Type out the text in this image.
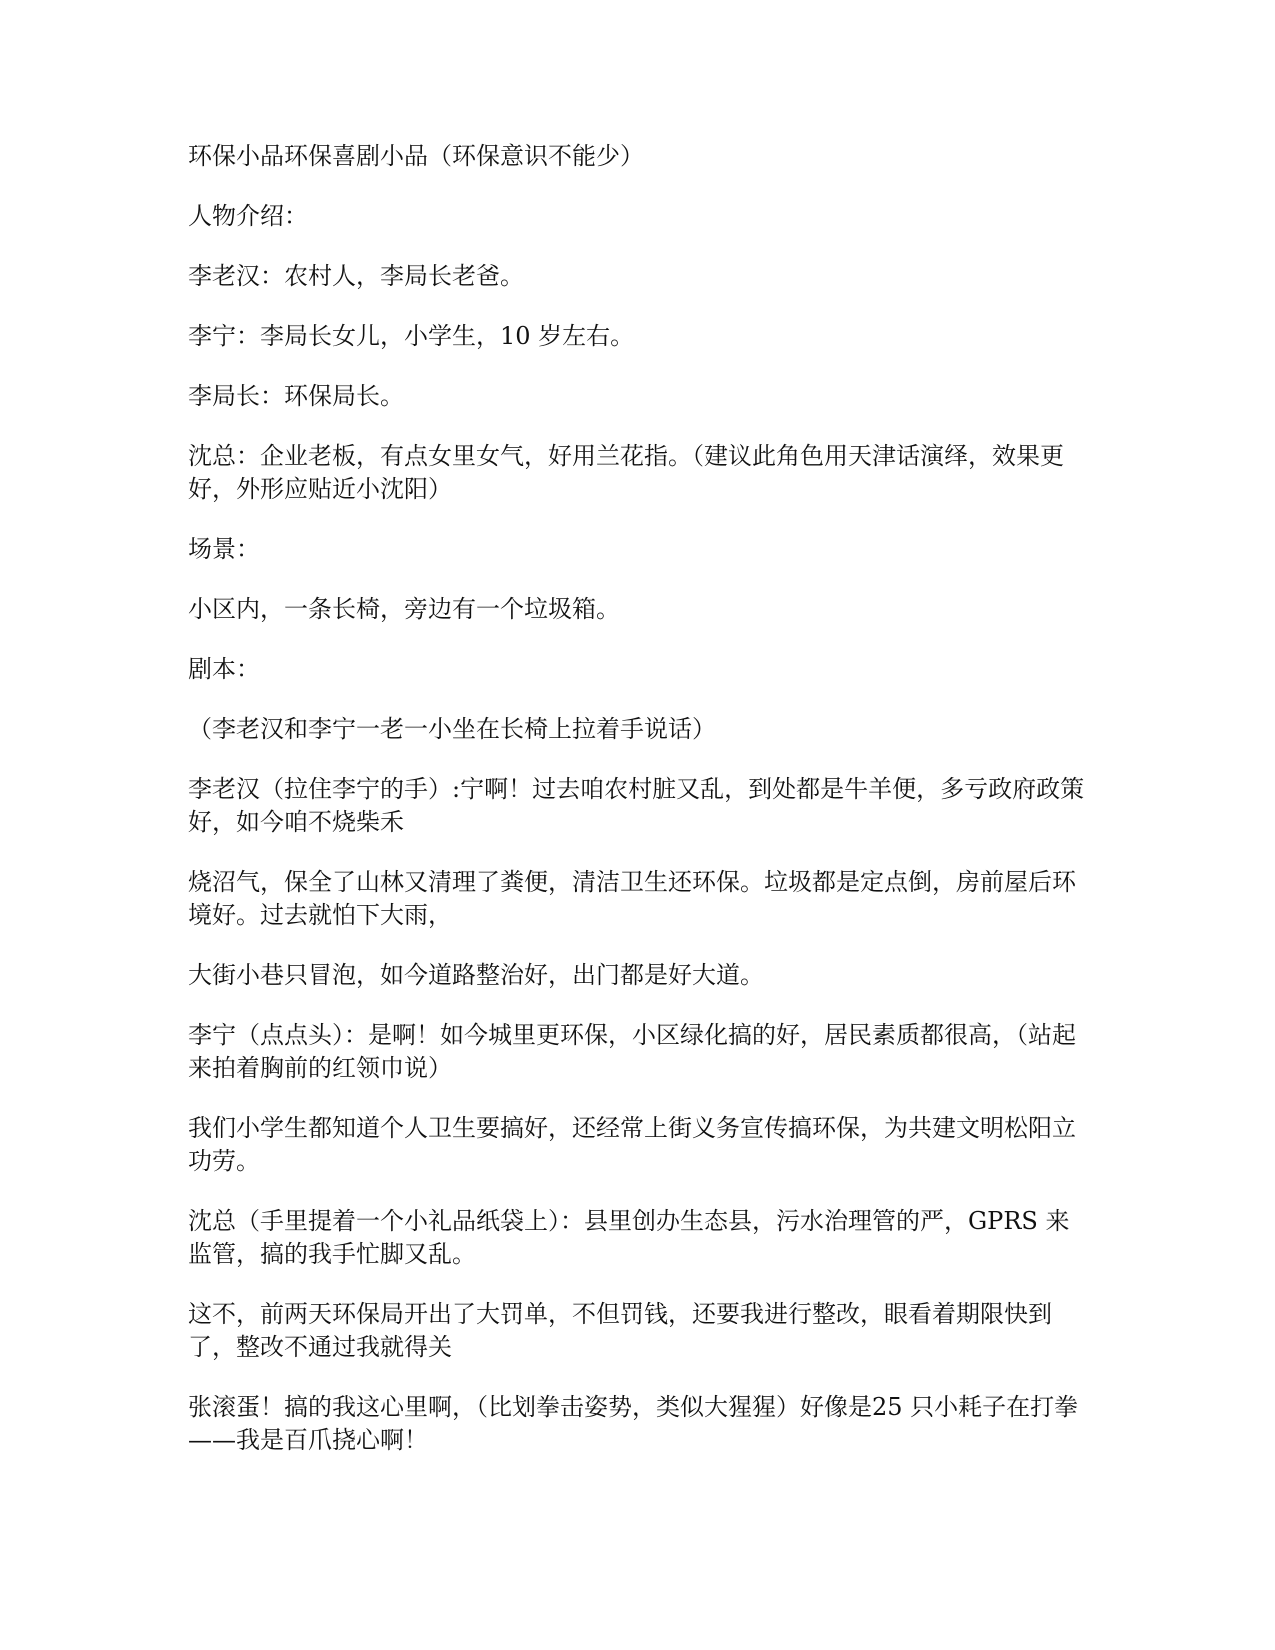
环保小品环保喜剧小品（环保意识不能少）

人物介绍：

李老汉：农村人，李局长老爸。

李宁：李局长女儿，小学生，10 岁左右。

李局长：环保局长。

沈总：企业老板，有点女里女气，好用兰花指。（建议此角色用天津话演绎，效果更好，外形应贴近小沈阳）

场景：

小区内，一条长椅，旁边有一个垃圾箱。

剧本：

（李老汉和李宁一老一小坐在长椅上拉着手说话）

李老汉（拉住李宁的手）:宁啊！过去咱农村脏又乱，到处都是牛羊便，多亏政府政策好，如今咱不烧柴禾

烧沼气，保全了山林又清理了粪便，清洁卫生还环保。垃圾都是定点倒，房前屋后环境好。过去就怕下大雨，

大街小巷只冒泡，如今道路整治好，出门都是好大道。

李宁（点点头）：是啊！如今城里更环保，小区绿化搞的好，居民素质都很高，（站起来拍着胸前的红领巾说）

我们小学生都知道个人卫生要搞好，还经常上街义务宣传搞环保，为共建文明松阳立功劳。

沈总（手里提着一个小礼品纸袋上）：县里创办生态县，污水治理管的严，GPRS 来监管，搞的我手忙脚又乱。

这不，前两天环保局开出了大罚单，不但罚钱，还要我进行整改，眼看着期限快到了，整改不通过我就得关

张滚蛋！搞的我这心里啊，（比划拳击姿势，类似大猩猩）好像是25 只小耗子在打拳——我是百爪挠心啊！
